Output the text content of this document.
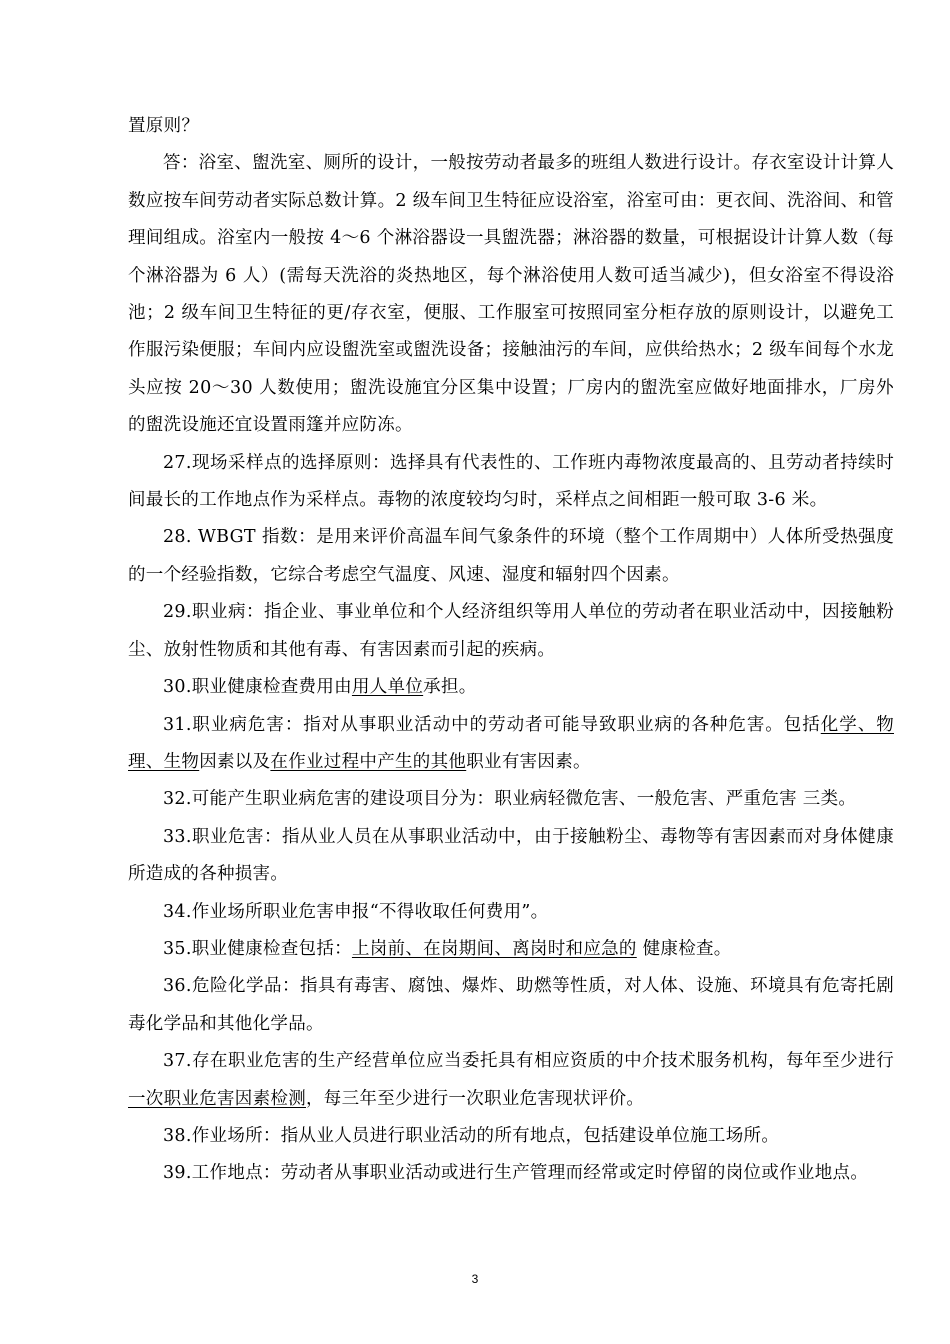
置原则？

答：浴室、盥洗室、厕所的设计，一般按劳动者最多的班组人数进行设计。存衣室设计计算人数应按车间劳动者实际总数计算。2 级车间卫生特征应设浴室，浴室可由：更衣间、洗浴间、和管理间组成。浴室内一般按 4～6 个淋浴器设一具盥洗器；淋浴器的数量，可根据设计计算人数（每个淋浴器为 6 人）(需每天洗浴的炎热地区，每个淋浴使用人数可适当减少)，但女浴室不得设浴池；2 级车间卫生特征的更/存衣室，便服、工作服室可按照同室分柜存放的原则设计，以避免工作服污染便服；车间内应设盥洗室或盥洗设备；接触油污的车间，应供给热水；2 级车间每个水龙头应按 20～30 人数使用；盥洗设施宜分区集中设置；厂房内的盥洗室应做好地面排水，厂房外的盥洗设施还宜设置雨篷并应防冻。

27.现场采样点的选择原则：选择具有代表性的、工作班内毒物浓度最高的、且劳动者持续时间最长的工作地点作为采样点。毒物的浓度较均匀时，采样点之间相距一般可取 3-6 米。

28. WBGT 指数：是用来评价高温车间气象条件的环境（整个工作周期中）人体所受热强度的一个经验指数，它综合考虑空气温度、风速、湿度和辐射四个因素。

29.职业病：指企业、事业单位和个人经济组织等用人单位的劳动者在职业活动中，因接触粉尘、放射性物质和其他有毒、有害因素而引起的疾病。

30.职业健康检查费用由用人单位承担。

31.职业病危害：指对从事职业活动中的劳动者可能导致职业病的各种危害。包括化学、物理、生物因素以及在作业过程中产生的其他职业有害因素。

32.可能产生职业病危害的建设项目分为：职业病轻微危害、一般危害、严重危害 三类。

33.职业危害：指从业人员在从事职业活动中，由于接触粉尘、毒物等有害因素而对身体健康所造成的各种损害。

34.作业场所职业危害申报“不得收取任何费用”。

35.职业健康检查包括：上岗前、在岗期间、离岗时和应急的 健康检查。

36.危险化学品：指具有毒害、腐蚀、爆炸、助燃等性质，对人体、设施、环境具有危寄托剧毒化学品和其他化学品。

37.存在职业危害的生产经营单位应当委托具有相应资质的中介技术服务机构，每年至少进行一次职业危害因素检测，每三年至少进行一次职业危害现状评价。

38.作业场所：指从业人员进行职业活动的所有地点，包括建设单位施工场所。

39.工作地点：劳动者从事职业活动或进行生产管理而经常或定时停留的岗位或作业地点。

3
